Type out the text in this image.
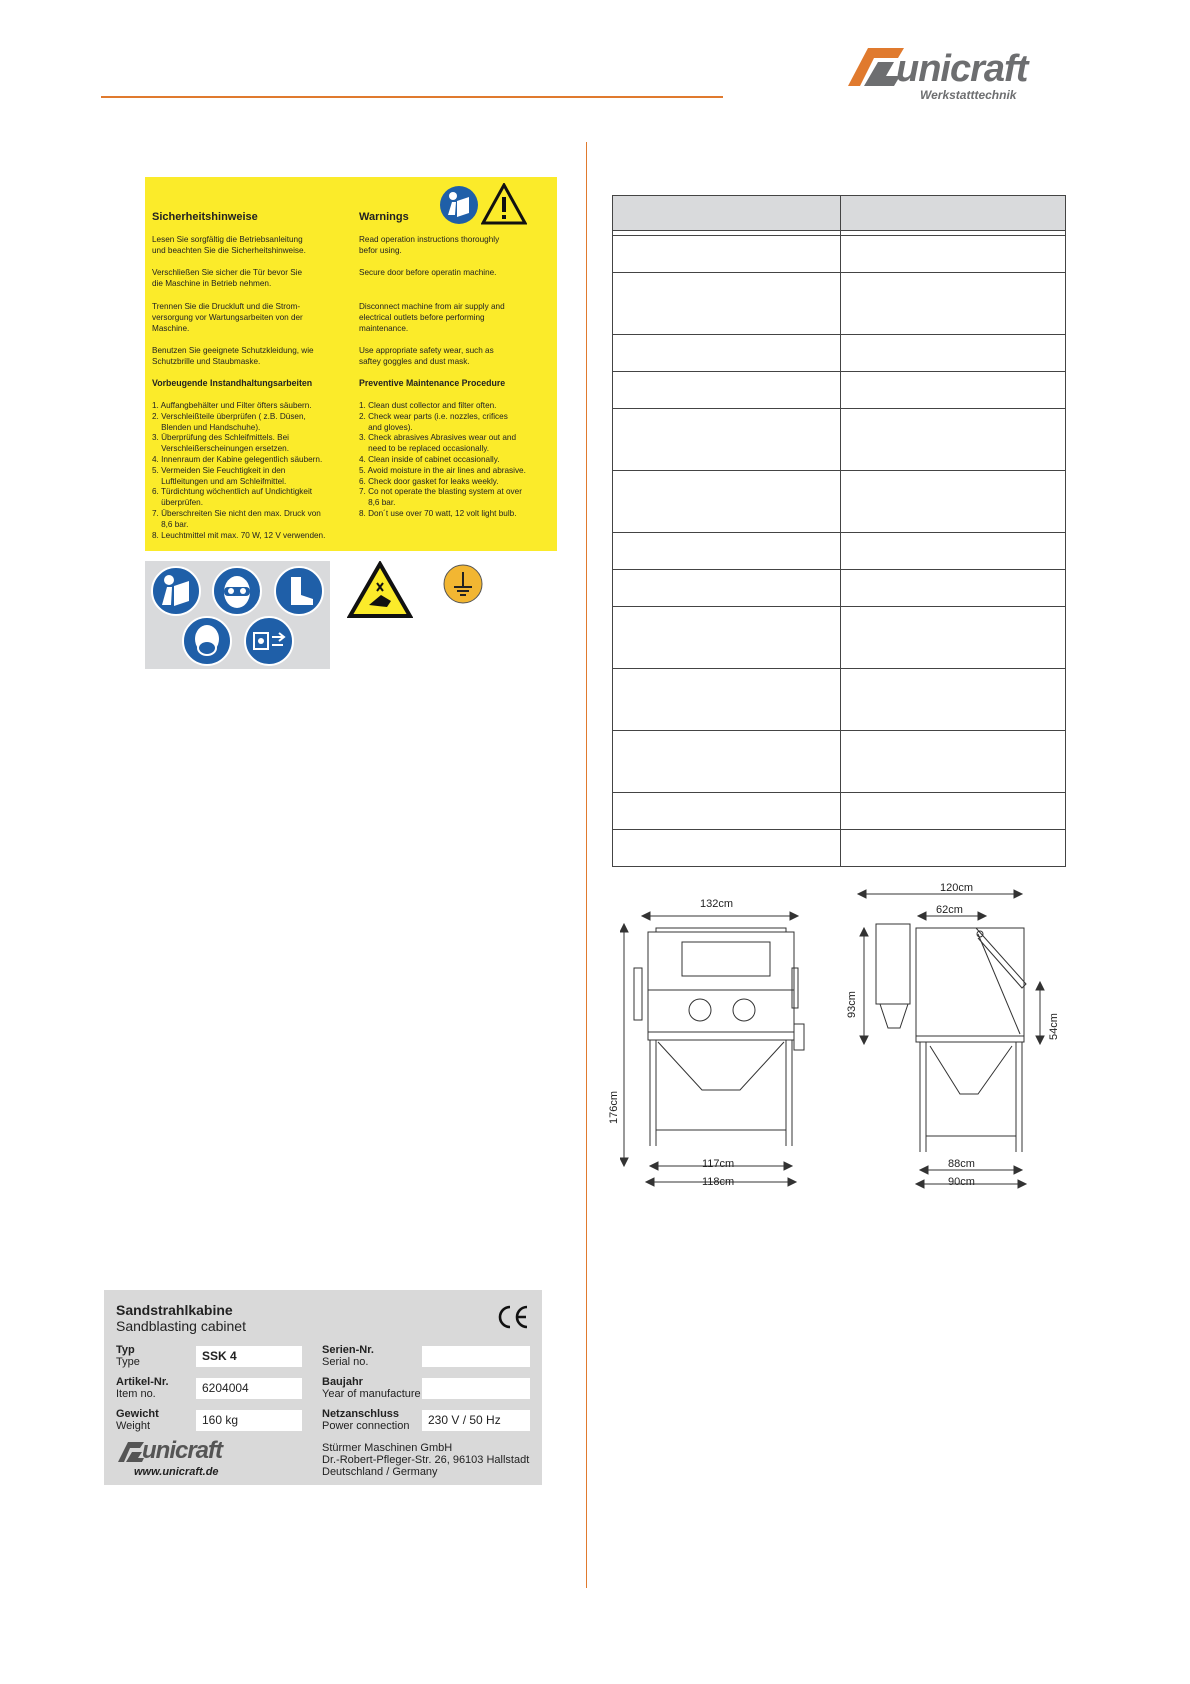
unicraft
Werkstatttechnik
Sicherheitshinweise	Warnings
Lesen Sie sorgfältig die Betriebsanleitung
und beachten Sie die Sicherheitshinweise.
Verschließen Sie sicher die Tür bevor Sie
die Maschine in Betrieb nehmen.
Trennen Sie die Druckluft und die Strom-
versorgung vor Wartungsarbeiten von der
Maschine.
Benutzen Sie geeignete Schutzkleidung, wie
Schutzbrille und Staubmaske.
Read operation instructions thoroughly
befor using.
Secure door before operatin machine.
Disconnect machine from air supply and
electrical outlets before performing
maintenance.
Use appropriate safety wear, such as
saftey goggles and dust mask.
Vorbeugende Instandhaltungsarbeiten	Preventive Maintenance Procedure
1. Auffangbehälter und Filter öfters säubern.
2. Verschleißteile überprüfen ( z.B. Düsen,
Blenden und Handschuhe).
3. Überprüfung des Schleifmittels. Bei
Verschleißerscheinungen ersetzen.
4. Innenraum der Kabine gelegentlich säubern.
5. Vermeiden Sie Feuchtigkeit in den
Luftleitungen und am Schleifmittel.
6. Türdichtung wöchentlich auf Undichtigkeit
überprüfen.
7. Überschreiten Sie nicht den max. Druck von
8,6 bar.
8. Leuchtmittel mit max. 70 W, 12 V verwenden.
1. Clean dust collector and filter often.
2. Check wear parts (i.e. nozzles, crifices
and gloves).
3. Check abrasives Abrasives wear out and
need to be replaced occasionally.
4. Clean inside of cabinet occasionally.
5. Avoid moisture in the air lines and abrasive.
6. Check door gasket for leaks weekly.
7. Co not operate the blasting system at over
8,6 bar.
8. Don´t use over 70 watt, 12 volt light bulb.

132cm
176cm
117cm
118cm
120cm
62cm
93cm
54cm
88cm
90cm
Sandstrahlkabine
Sandblasting cabinet
Typ
Type	SSK 4
Artikel-Nr.
Item no.	6204004
Gewicht
Weight	160 kg
Serien-Nr.
Serial no.
Baujahr
Year of manufacture
Netzanschluss
Power connection	230 V / 50 Hz
unicraft
www.unicraft.de
Stürmer Maschinen GmbH
Dr.-Robert-Pfleger-Str. 26, 96103 Hallstadt
Deutschland / Germany
